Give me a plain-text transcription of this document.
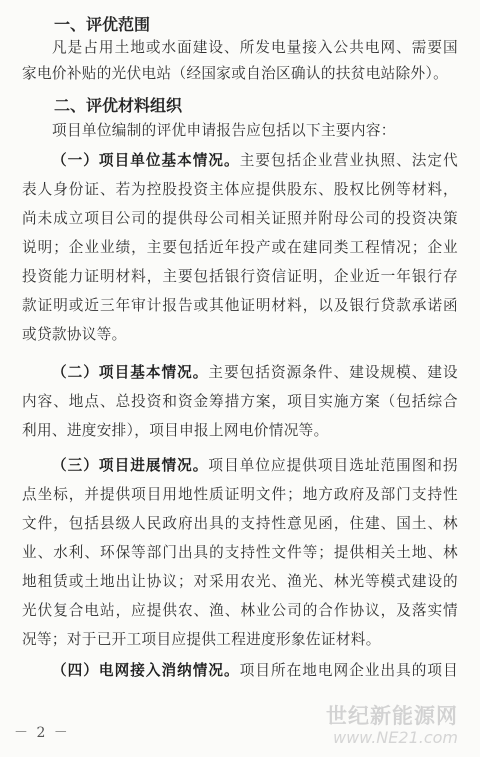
一、评优范围
凡是占用土地或水面建设、所发电量接入公共电网、需要国
家电价补贴的光伏电站（经国家或自治区确认的扶贫电站除外）。
二、评优材料组织
项目单位编制的评优申请报告应包括以下主要内容：
（一）项目单位基本情况。主要包括企业营业执照、法定代
表人身份证、若为控股投资主体应提供股东、股权比例等材料，
尚未成立项目公司的提供母公司相关证照并附母公司的投资决策
说明；企业业绩，主要包括近年投产或在建同类工程情况；企业
投资能力证明材料，主要包括银行资信证明，企业近一年银行存
款证明或近三年审计报告或其他证明材料，以及银行贷款承诺函
或贷款协议等。
（二）项目基本情况。主要包括资源条件、建设规模、建设
内容、地点、总投资和资金筹措方案，项目实施方案（包括综合
利用、进度安排），项目申报上网电价情况等。
（三）项目进展情况。项目单位应提供项目选址范围图和拐
点坐标，并提供项目用地性质证明文件；地方政府及部门支持性
文件，包括县级人民政府出具的支持性意见函，住建、国土、林
业、水利、环保等部门出具的支持性文件等；提供相关土地、林
地租赁或土地出让协议；对采用农光、渔光、林光等模式建设的
光伏复合电站，应提供农、渔、林业公司的合作协议，及落实情
况等；对于已开工项目应提供工程进度形象佐证材料。
（四）电网接入消纳情况。项目所在地电网企业出具的项目
－ 2 －
世纪新能源网
www.NE21.com
